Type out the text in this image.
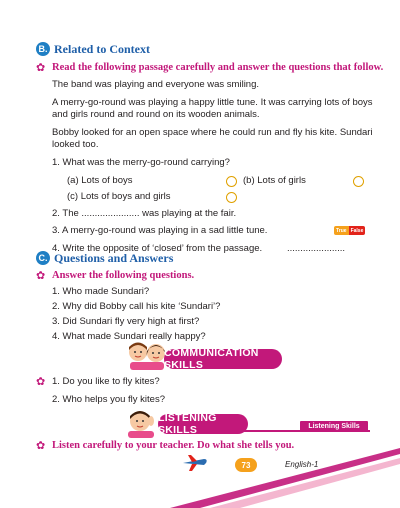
B. Related to Context
✿ Read the following passage carefully and answer the questions that follow.
The band was playing and everyone was smiling.
A merry-go-round was playing a happy little tune. It was carrying lots of boys
and girls round and round on its wooden animals.
Bobby looked for an open space where he could run and fly his kite. Sundari
looked too.
1. What was the merry-go-round carrying?
(a) Lots of boys	(b) Lots of girls
(c) Lots of boys and girls
2. The ...................... was playing at the fair.
3. A merry-go-round was playing in a sad little tune.	True False
4. Write the opposite of ‘closed’ from the passage.	......................
C. Questions and Answers
✿ Answer the following questions.
1. Who made Sundari?
2. Why did Bobby call his kite ‘Sundari’?
3. Did Sundari fly very high at first?
4. What made Sundari really happy?
COMMUNICATION SKILLS
✿ 1. Do you like to fly kites?
2. Who helps you fly kites?
LISTENING SKILLS	Listening Skills
✿ Listen carefully to your teacher. Do what she tells you.
73	English-1
